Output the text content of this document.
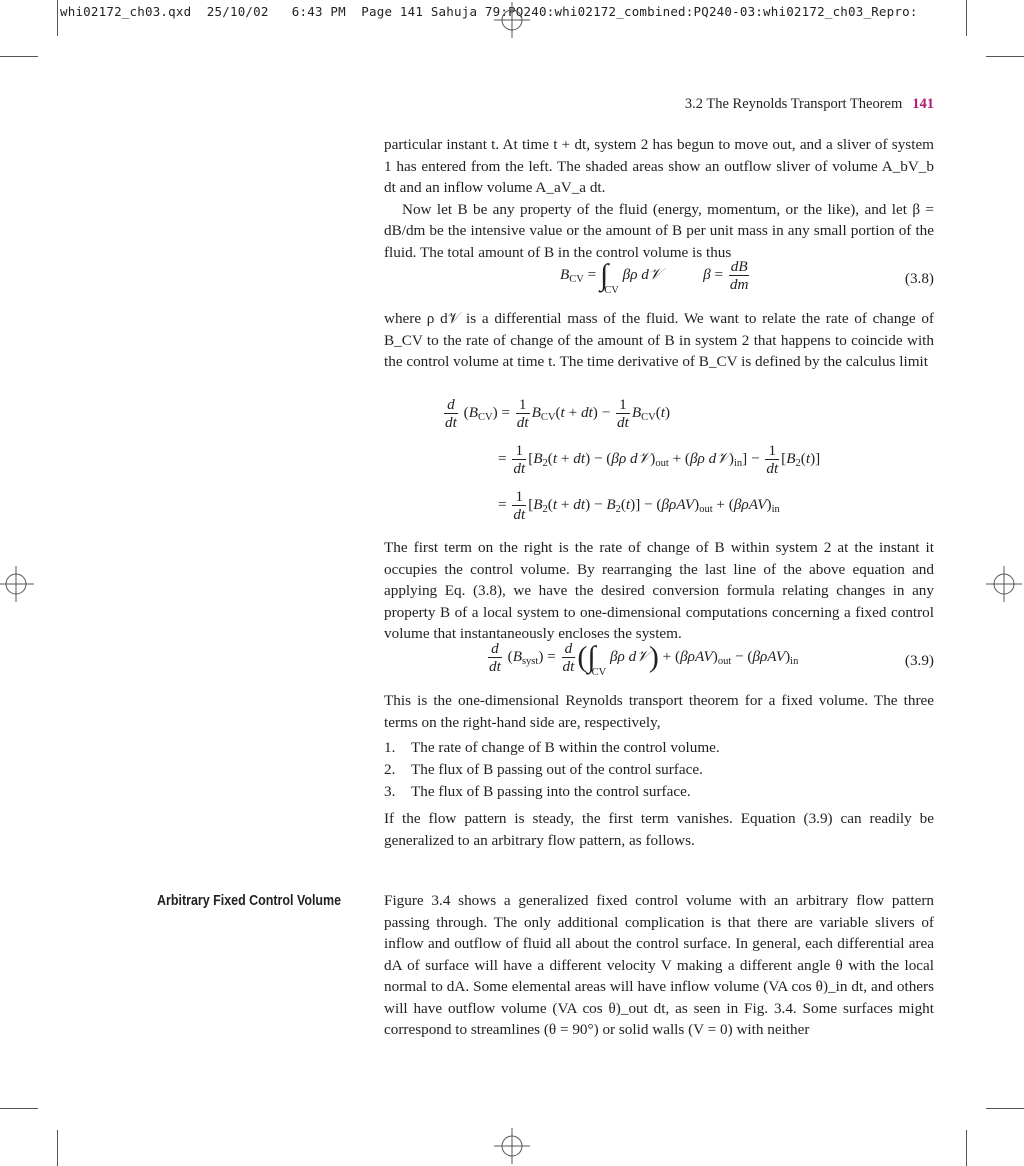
whi02172_ch03.qxd  25/10/02   6:43 PM  Page 141 Sahuja 79:PQ240:whi02172_combined:PQ240-03:whi02172_ch03_Repro:
3.2 The Reynolds Transport Theorem 141

particular instant t. At time t + dt, system 2 has begun to move out, and a sliver of system 1 has entered from the left. The shaded areas show an outflow sliver of volume A_bV_b dt and an inflow volume A_aV_a dt.

Now let B be any property of the fluid (energy, momentum, or the like), and let β = dB/dm be the intensive value or the amount of B per unit mass in any small portion of the fluid. The total amount of B in the control volume is thus

$B_{CV} = \int_{CV}$ βρ d𝒱	$\beta = \frac{dB}{dm}$	(3.8)

where ρ d𝒱 is a differential mass of the fluid. We want to relate the rate of change of B_CV to the rate of change of the amount of B in system 2 that happens to coincide with the control volume at time t. The time derivative of B_CV is defined by the calculus limit

$\frac{d}{dt} (B_{CV}) = \frac{1}{dt} B_{CV}(t + dt) - \frac{1}{dt} B_{CV}(t)$
= $\frac{1}{dt} [B_2(t + dt) - (\beta\rho$ $d𝒱)_{out} + (\beta\rho$ $d𝒱)_{in}] - \frac{1}{dt} [B_2(t)]$
= $\frac{1}{dt} [B_2(t + dt) - B_2(t)] - (\beta\rho AV)_{out} + (\beta\rho AV)_{in}$

The first term on the right is the rate of change of B within system 2 at the instant it occupies the control volume. By rearranging the last line of the above equation and applying Eq. (3.8), we have the desired conversion formula relating changes in any property B of a local system to one-dimensional computations concerning a fixed control volume that instantaneously encloses the system.

$\frac{d}{dt} (B_{syst}) = \frac{d}{dt} (\int_{CV}$ βρ d𝒱) + $(\beta\rho AV)_{out} - (\beta\rho AV)_{in}$	(3.9)

This is the one-dimensional Reynolds transport theorem for a fixed volume. The three terms on the right-hand side are, respectively,

1. The rate of change of B within the control volume.

2. The flux of B passing out of the control surface.

3. The flux of B passing into the control surface.

If the flow pattern is steady, the first term vanishes. Equation (3.9) can readily be generalized to an arbitrary flow pattern, as follows.

Arbitrary Fixed Control Volume	Figure 3.4 shows a generalized fixed control volume with an arbitrary flow pattern passing through. The only additional complication is that there are variable slivers of inflow and outflow of fluid all about the control surface. In general, each differential area dA of surface will have a different velocity V making a different angle θ with the local normal to dA. Some elemental areas will have inflow volume (VA cos θ)_in dt, and others will have outflow volume (VA cos θ)_out dt, as seen in Fig. 3.4. Some surfaces might correspond to streamlines (θ = 90°) or solid walls (V = 0) with neither
